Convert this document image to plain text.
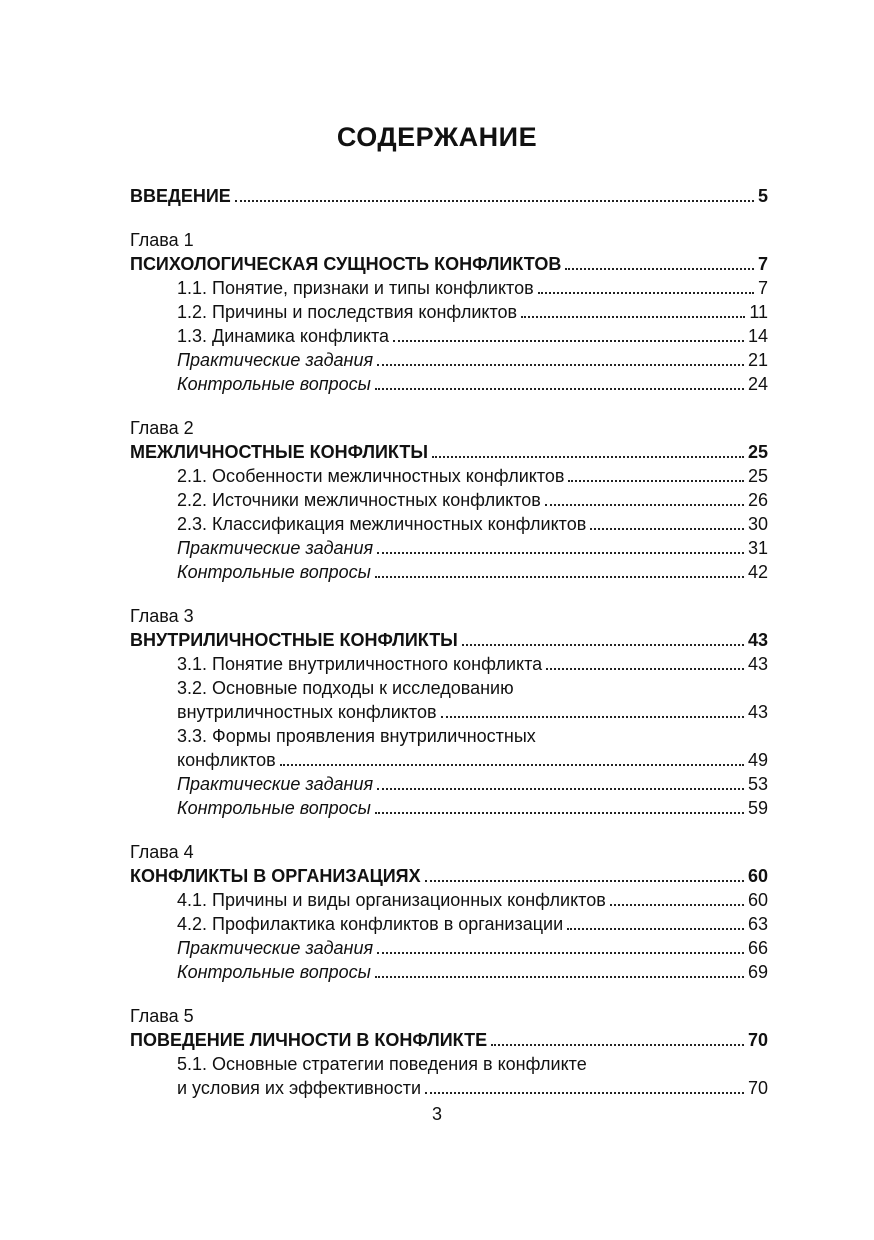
СОДЕРЖАНИЕ
ВВЕДЕНИЕ	5
Глава 1
ПСИХОЛОГИЧЕСКАЯ СУЩНОСТЬ КОНФЛИКТОВ	7
1.1. Понятие, признаки и типы конфликтов	7
1.2. Причины и последствия конфликтов	11
1.3. Динамика конфликта	14
Практические задания	21
Контрольные вопросы	24
Глава 2
МЕЖЛИЧНОСТНЫЕ КОНФЛИКТЫ	25
2.1. Особенности межличностных конфликтов	25
2.2. Источники межличностных конфликтов	26
2.3. Классификация межличностных конфликтов	30
Практические задания	31
Контрольные вопросы	42
Глава 3
ВНУТРИЛИЧНОСТНЫЕ КОНФЛИКТЫ	43
3.1. Понятие внутриличностного конфликта	43
3.2. Основные подходы к исследованию
внутриличностных конфликтов	43
3.3. Формы проявления внутриличностных
конфликтов	49
Практические задания	53
Контрольные вопросы	59
Глава 4
КОНФЛИКТЫ В ОРГАНИЗАЦИЯХ	60
4.1. Причины и виды организационных конфликтов	60
4.2. Профилактика конфликтов в организации	63
Практические задания	66
Контрольные вопросы	69
Глава 5
ПОВЕДЕНИЕ ЛИЧНОСТИ В КОНФЛИКТЕ	70
5.1. Основные стратегии поведения в конфликте
и условия их эффективности	70
3
